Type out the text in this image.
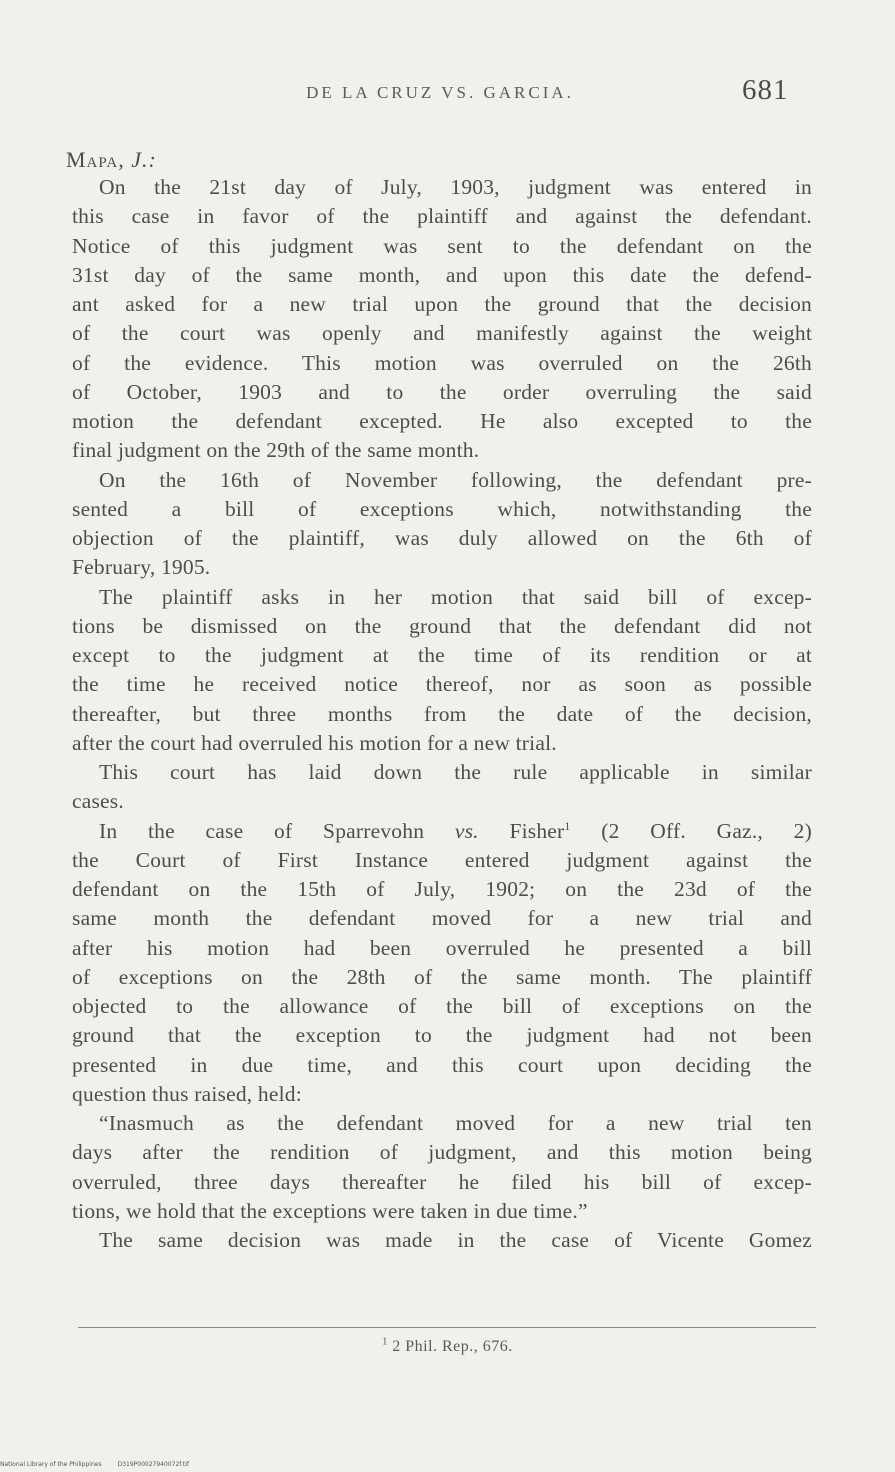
DE LA CRUZ VS. GARCIA.	681
Mapa, J.:
On the 21st day of July, 1903, judgment was entered in
this case in favor of the plaintiff and against the defendant.
Notice of this judgment was sent to the defendant on the
31st day of the same month, and upon this date the defend-
ant asked for a new trial upon the ground that the decision
of the court was openly and manifestly against the weight
of the evidence. This motion was overruled on the 26th
of October, 1903 and to the order overruling the said
motion the defendant excepted. He also excepted to the
final judgment on the 29th of the same month.
On the 16th of November following, the defendant pre-
sented a bill of exceptions which, notwithstanding the
objection of the plaintiff, was duly allowed on the 6th of
February, 1905.
The plaintiff asks in her motion that said bill of excep-
tions be dismissed on the ground that the defendant did not
except to the judgment at the time of its rendition or at
the time he received notice thereof, nor as soon as possible
thereafter, but three months from the date of the decision,
after the court had overruled his motion for a new trial.
This court has laid down the rule applicable in similar
cases.
In the case of Sparrevohn vs. Fisher$^1$ (2 Off. Gaz., 2)
the Court of First Instance entered judgment against the
defendant on the 15th of July, 1902; on the 23d of the
same month the defendant moved for a new trial and
after his motion had been overruled he presented a bill
of exceptions on the 28th of the same month. The plaintiff
objected to the allowance of the bill of exceptions on the
ground that the exception to the judgment had not been
presented in due time, and this court upon deciding the
question thus raised, held:
“Inasmuch as the defendant moved for a new trial ten
days after the rendition of judgment, and this motion being
overruled, three days thereafter he filed his bill of excep-
tions, we hold that the exceptions were taken in due time.”
The same decision was made in the case of Vicente Gomez
$^1$ 2 Phil. Rep., 676.
National Library of the Philippines	D319P00027940072f.tif
